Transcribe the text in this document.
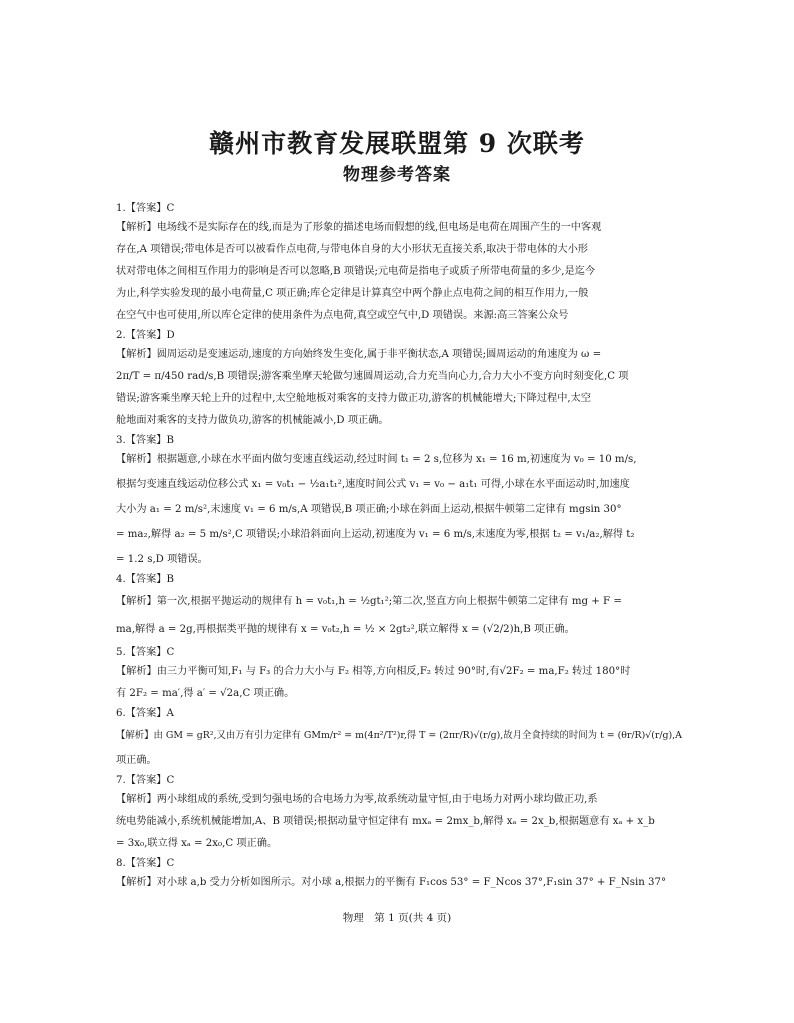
赣州市教育发展联盟第 9 次联考
物理参考答案
1.【答案】C
【解析】电场线不是实际存在的线,而是为了形象的描述电场而假想的线,但电场是电荷在周围产生的一中客观
存在,A 项错误;带电体是否可以被看作点电荷,与带电体自身的大小形状无直接关系,取决于带电体的大小形
状对带电体之间相互作用力的影响是否可以忽略,B 项错误;元电荷是指电子或质子所带电荷量的多少,是迄今
为止,科学实验发现的最小电荷量,C 项正确;库仑定律是计算真空中两个静止点电荷之间的相互作用力,一般
在空气中也可使用,所以库仑定律的使用条件为点电荷,真空或空气中,D 项错误。来源:高三答案公众号
2.【答案】D
【解析】圆周运动是变速运动,速度的方向始终发生变化,属于非平衡状态,A 项错误;圆周运动的角速度为 ω =
2π/T = π/450 rad/s,B 项错误;游客乘坐摩天轮做匀速圆周运动,合力充当向心力,合力大小不变方向时刻变化,C 项
错误;游客乘坐摩天轮上升的过程中,太空舱地板对乘客的支持力做正功,游客的机械能增大;下降过程中,太空
舱地面对乘客的支持力做负功,游客的机械能减小,D 项正确。
3.【答案】B
【解析】根据题意,小球在水平面内做匀变速直线运动,经过时间 t₁ = 2 s,位移为 x₁ = 16 m,初速度为 v₀ = 10 m/s,
根据匀变速直线运动位移公式 x₁ = v₀t₁ − ½a₁t₁²,速度时间公式 v₁ = v₀ − a₁t₁ 可得,小球在水平面运动时,加速度
大小为 a₁ = 2 m/s²,末速度 v₁ = 6 m/s,A 项错误,B 项正确;小球在斜面上运动,根据牛顿第二定律有 mgsin 30°
= ma₂,解得 a₂ = 5 m/s²,C 项错误;小球沿斜面向上运动,初速度为 v₁ = 6 m/s,末速度为零,根据 t₂ = v₁/a₂,解得 t₂
= 1.2 s,D 项错误。
4.【答案】B
【解析】第一次,根据平抛运动的规律有 h = v₀t₁,h = ½gt₁²;第二次,竖直方向上根据牛顿第二定律有 mg + F =
ma,解得 a = 2g,再根据类平抛的规律有 x = v₀t₂,h = ½ × 2gt₂²,联立解得 x = (√2/2)h,B 项正确。
5.【答案】C
【解析】由三力平衡可知,F₁ 与 F₃ 的合力大小与 F₂ 相等,方向相反,F₂ 转过 90°时,有√2F₂ = ma,F₂ 转过 180°时
有 2F₂ = ma′,得 a′ = √2a,C 项正确。
6.【答案】A
【解析】由 GM = gR²,又由万有引力定律有 GMm/r² = m(4π²/T²)r,得 T = (2πr/R)√(r/g),故月全食持续的时间为 t = (θr/R)√(r/g),A
项正确。
7.【答案】C
【解析】两小球组成的系统,受到匀强电场的合电场力为零,故系统动量守恒,由于电场力对两小球均做正功,系
统电势能减小,系统机械能增加,A、B 项错误;根据动量守恒定律有 mxₐ = 2mx_b,解得 xₐ = 2x_b,根据题意有 xₐ + x_b
= 3x₀,联立得 xₐ = 2x₀,C 项正确。
8.【答案】C
【解析】对小球 a,b 受力分析如图所示。对小球 a,根据力的平衡有 F₁cos 53° = F_Ncos 37°,F₁sin 37° + F_Nsin 37°
物理　第 1 页(共 4 页)
